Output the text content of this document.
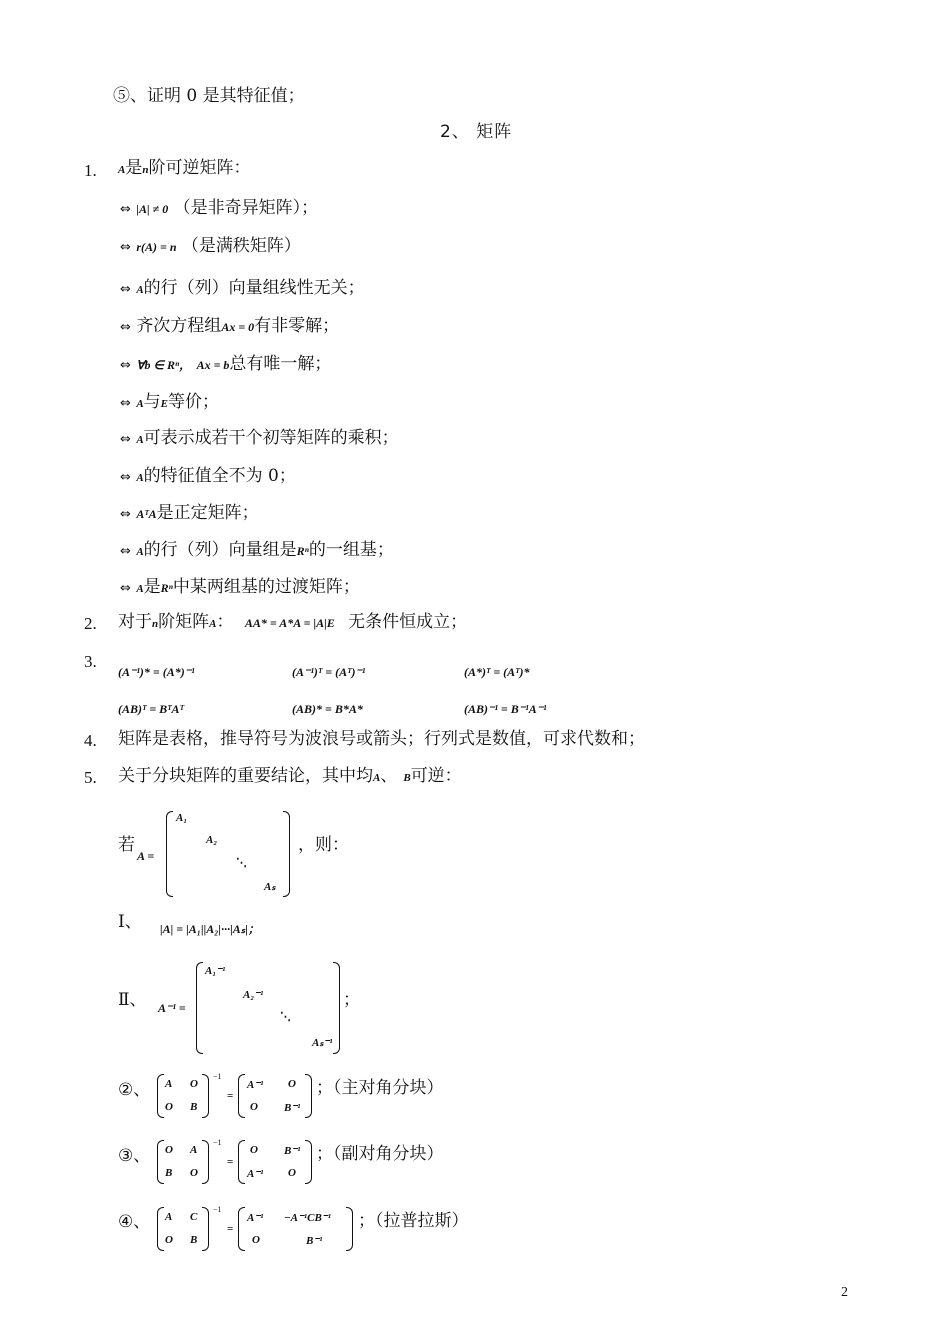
⑤、证明 0 是其特征值；
2、 矩阵
1. A是n阶可逆矩阵：
⇔ |A| ≠ 0 （是非奇异矩阵）；
⇔ r(A) = n （是满秩矩阵）
⇔ A的行（列）向量组线性无关；
⇔ 齐次方程组Ax = 0有非零解；
⇔ ∀b ∈ Rⁿ， Ax = b总有唯一解；
⇔ A与E等价；
⇔ A可表示成若干个初等矩阵的乘积；
⇔ A的特征值全不为 0；
⇔ AᵀA是正定矩阵；
⇔ A的行（列）向量组是Rⁿ的一组基；
⇔ A是Rⁿ中某两组基的过渡矩阵；
2. 对于n阶矩阵A： AA* = A*A = |A|E 无条件恒成立；
3.
(A⁻¹)* = (A*)⁻¹	(A⁻¹)ᵀ = (Aᵀ)⁻¹	(A*)ᵀ = (Aᵀ)*
(AB)ᵀ = BᵀAᵀ	(AB)* = B*A*	(AB)⁻¹ = B⁻¹A⁻¹
4. 矩阵是表格，推导符号为波浪号或箭头；行列式是数值，可求代数和；
5. 关于分块矩阵的重要结论，其中均A、 B可逆：
若
A =
A₁
A₂
⋱
Aₛ
，则：
Ⅰ、 |A| = |A₁||A₂|···|Aₛ|；
Ⅱ、 A⁻¹ =
A₁⁻¹
A₂⁻¹
⋱
Aₛ⁻¹
；
②、 A O
O B
−1
=
A⁻¹ O
O B⁻¹
；（主对角分块）
③、 O A
B O
−1
=
O B⁻¹
A⁻¹ O
；（副对角分块）
④、 A C
O B
−1
=
A⁻¹ −A⁻¹CB⁻¹
O	B⁻¹
；（拉普拉斯）
2
